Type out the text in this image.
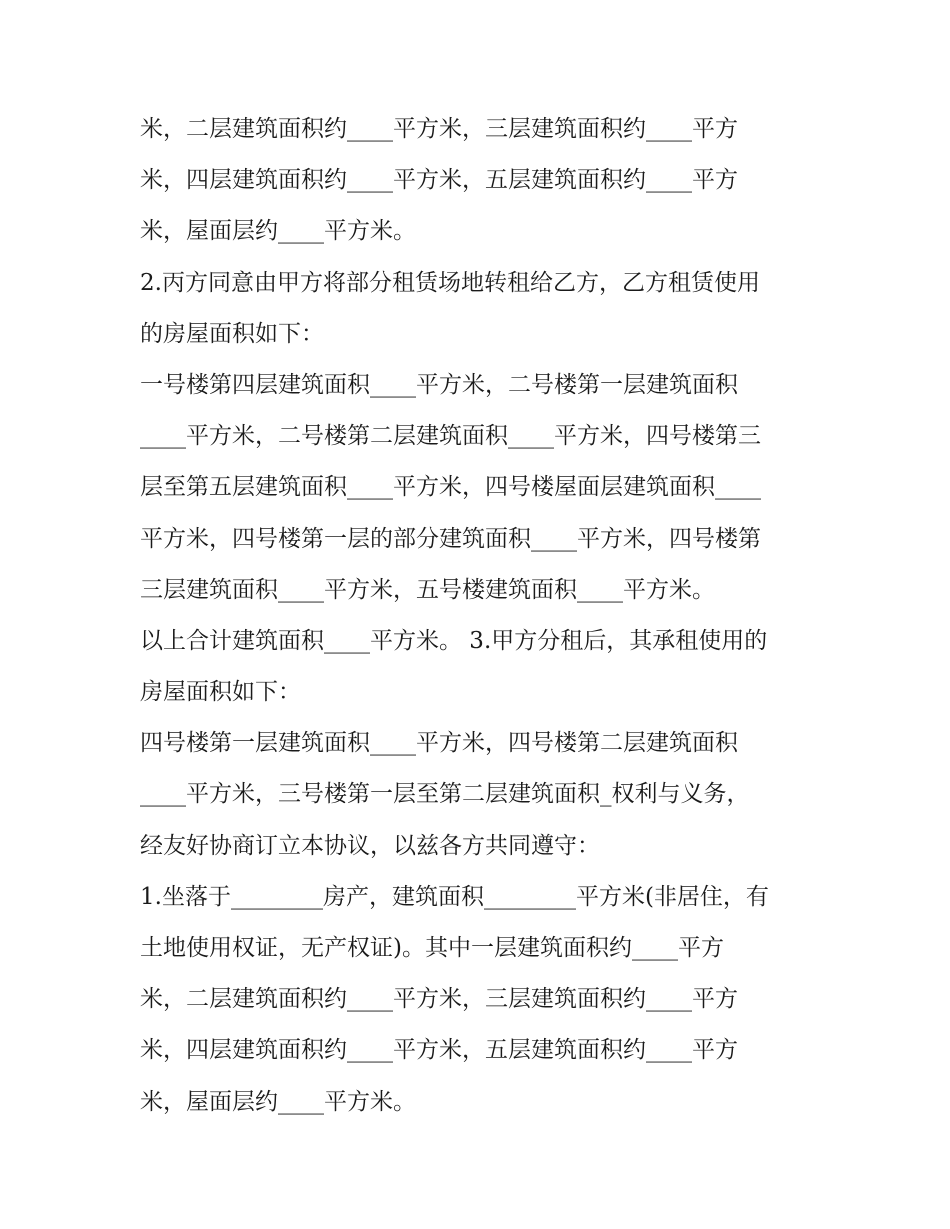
米，二层建筑面积约____平方米，三层建筑面积约____平方
米，四层建筑面积约____平方米，五层建筑面积约____平方
米，屋面层约____平方米。
2.丙方同意由甲方将部分租赁场地转租给乙方，乙方租赁使用
的房屋面积如下：
一号楼第四层建筑面积____平方米，二号楼第一层建筑面积
____平方米，二号楼第二层建筑面积____平方米，四号楼第三
层至第五层建筑面积____平方米，四号楼屋面层建筑面积____
平方米，四号楼第一层的部分建筑面积____平方米，四号楼第
三层建筑面积____平方米，五号楼建筑面积____平方米。
以上合计建筑面积____平方米。 3.甲方分租后，其承租使用的
房屋面积如下：
四号楼第一层建筑面积____平方米，四号楼第二层建筑面积
____平方米，三号楼第一层至第二层建筑面积_权利与义务，
经友好协商订立本协议，以兹各方共同遵守：
1.坐落于________房产，建筑面积________平方米(非居住，有
土地使用权证，无产权证)。其中一层建筑面积约____平方
米，二层建筑面积约____平方米，三层建筑面积约____平方
米，四层建筑面积约____平方米，五层建筑面积约____平方
米，屋面层约____平方米。
